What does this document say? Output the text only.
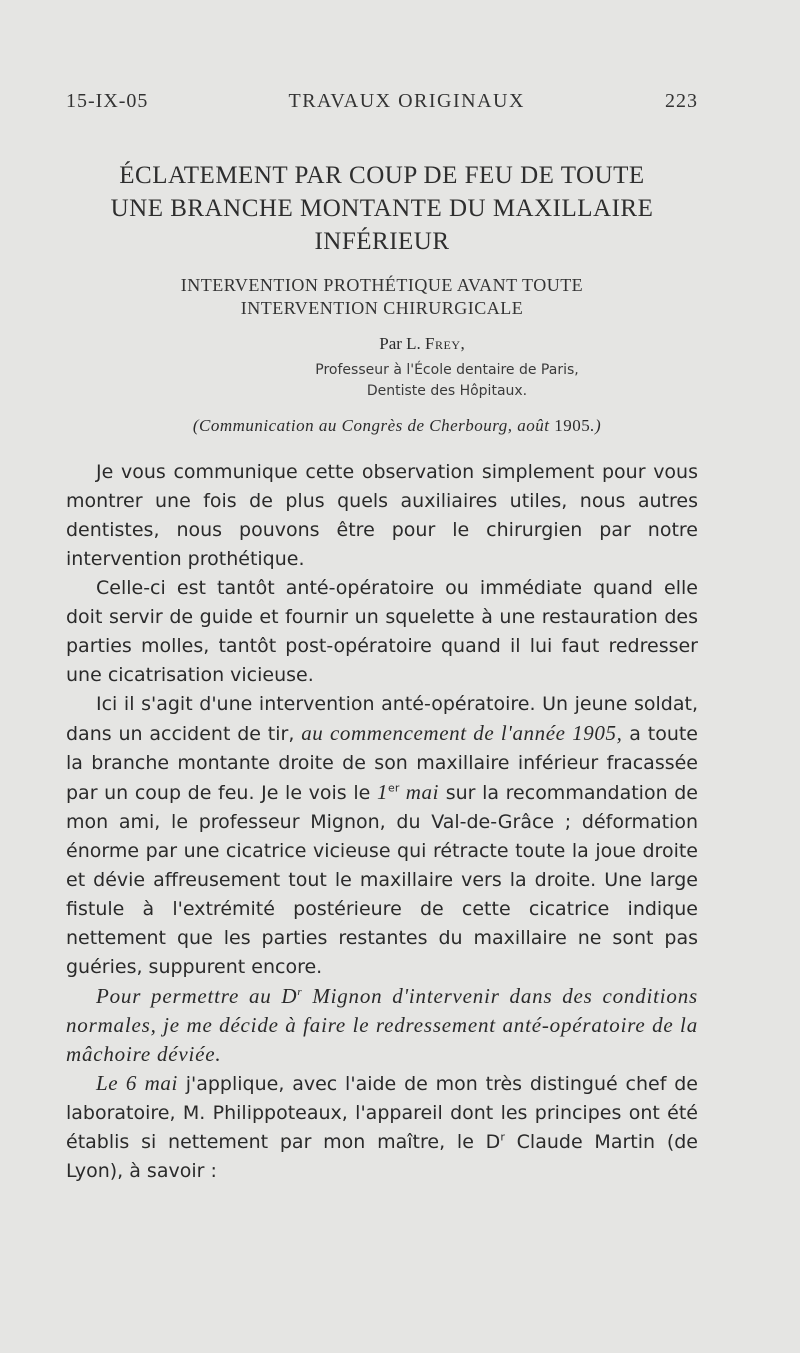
15-IX-05	TRAVAUX ORIGINAUX	223
ÉCLATEMENT PAR COUP DE FEU DE TOUTE
UNE BRANCHE MONTANTE DU MAXILLAIRE
INFÉRIEUR
INTERVENTION PROTHÉTIQUE AVANT TOUTE
INTERVENTION CHIRURGICALE
Par L. Frey,
Professeur à l'École dentaire de Paris,
Dentiste des Hôpitaux.
(Communication au Congrès de Cherbourg, août 1905.)

Je vous communique cette observation simplement pour vous montrer une fois de plus quels auxiliaires utiles, nous autres dentistes, nous pouvons être pour le chirurgien par notre intervention prothétique.

Celle-ci est tantôt anté-opératoire ou immédiate quand elle doit servir de guide et fournir un squelette à une restauration des parties molles, tantôt post-opératoire quand il lui faut redresser une cicatrisation vicieuse.

Ici il s'agit d'une intervention anté-opératoire. Un jeune soldat, dans un accident de tir, au commencement de l'année 1905, a toute la branche montante droite de son maxillaire inférieur fracassée par un coup de feu. Je le vois le 1er mai sur la recommandation de mon ami, le professeur Mignon, du Val-de-Grâce ; déformation énorme par une cicatrice vicieuse qui rétracte toute la joue droite et dévie affreusement tout le maxillaire vers la droite. Une large fistule à l'extrémité postérieure de cette cicatrice indique nettement que les parties restantes du maxillaire ne sont pas guéries, suppurent encore.

Pour permettre au $D^r$ Mignon d'intervenir dans des conditions normales, je me décide à faire le redressement anté-opératoire de la mâchoire déviée.

Le 6 mai j'applique, avec l'aide de mon très distingué chef de laboratoire, M. Philippoteaux, l'appareil dont les principes ont été établis si nettement par mon maître, le $D^r$ Claude Martin (de Lyon), à savoir :
